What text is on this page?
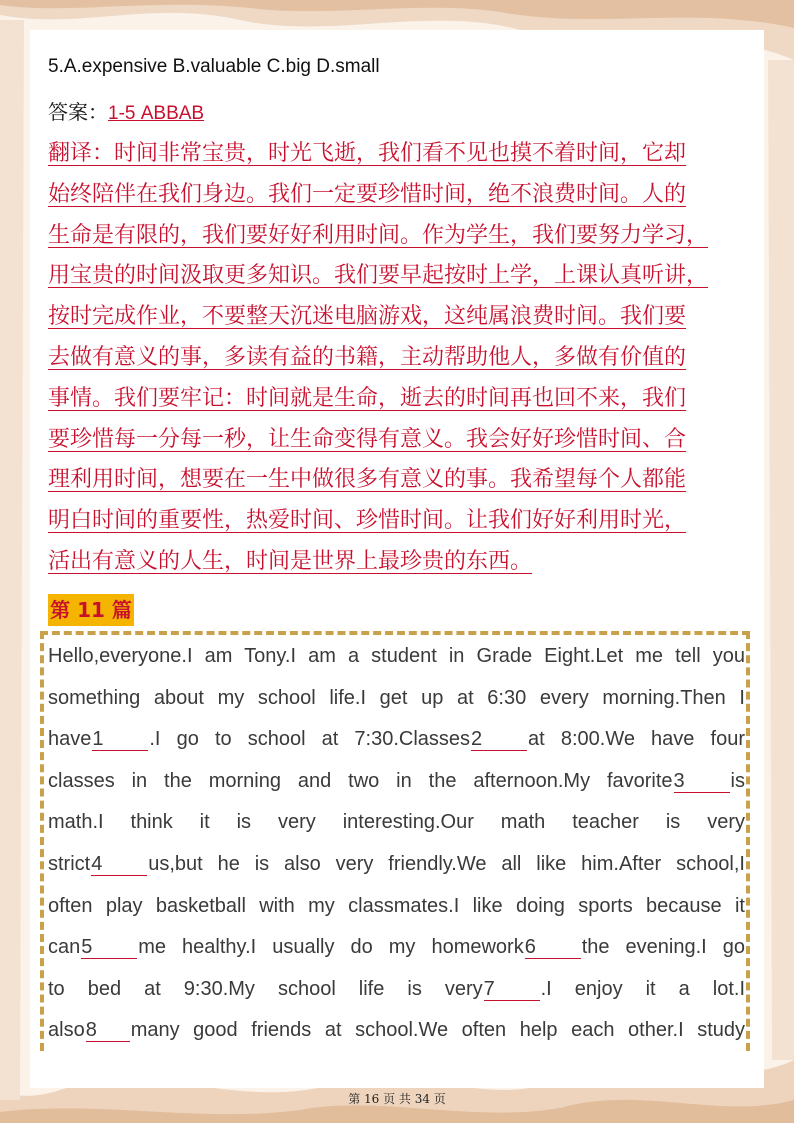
5.A.expensive B.valuable C.big D.small
答案：1-5 ABBAB
翻译：时间非常宝贵，时光飞逝，我们看不见也摸不着时间，它却
始终陪伴在我们身边。我们一定要珍惜时间，绝不浪费时间。人的
生命是有限的，我们要好好利用时间。作为学生，我们要努力学习，
用宝贵的时间汲取更多知识。我们要早起按时上学，上课认真听讲，
按时完成作业，不要整天沉迷电脑游戏，这纯属浪费时间。我们要
去做有意义的事，多读有益的书籍，主动帮助他人，多做有价值的
事情。我们要牢记：时间就是生命，逝去的时间再也回不来，我们
要珍惜每一分每一秒，让生命变得有意义。我会好好珍惜时间、合
理利用时间，想要在一生中做很多有意义的事。我希望每个人都能
明白时间的重要性，热爱时间、珍惜时间。让我们好好利用时光，
活出有意义的人生，时间是世界上最珍贵的东西。
第 11 篇
Hello,everyone.I am Tony.I am a student in Grade Eight.Let me tell you
something about my school life.I get up at 6:30 every morning.Then I
have1 .I go to school at 7:30.Classes2 at 8:00.We have four
classes in the morning and two in the afternoon.My favorite3 is
math.I think it is very interesting.Our math teacher is very
strict4 us,but he is also very friendly.We all like him.After school,I
often play basketball with my classmates.I like doing sports because it
can5 me healthy.I usually do my homework6 the evening.I go
to bed at 9:30.My school life is very7 .I enjoy it a lot.I
also8 many good friends at school.We often help each other.I study
第 16 页 共 34 页
